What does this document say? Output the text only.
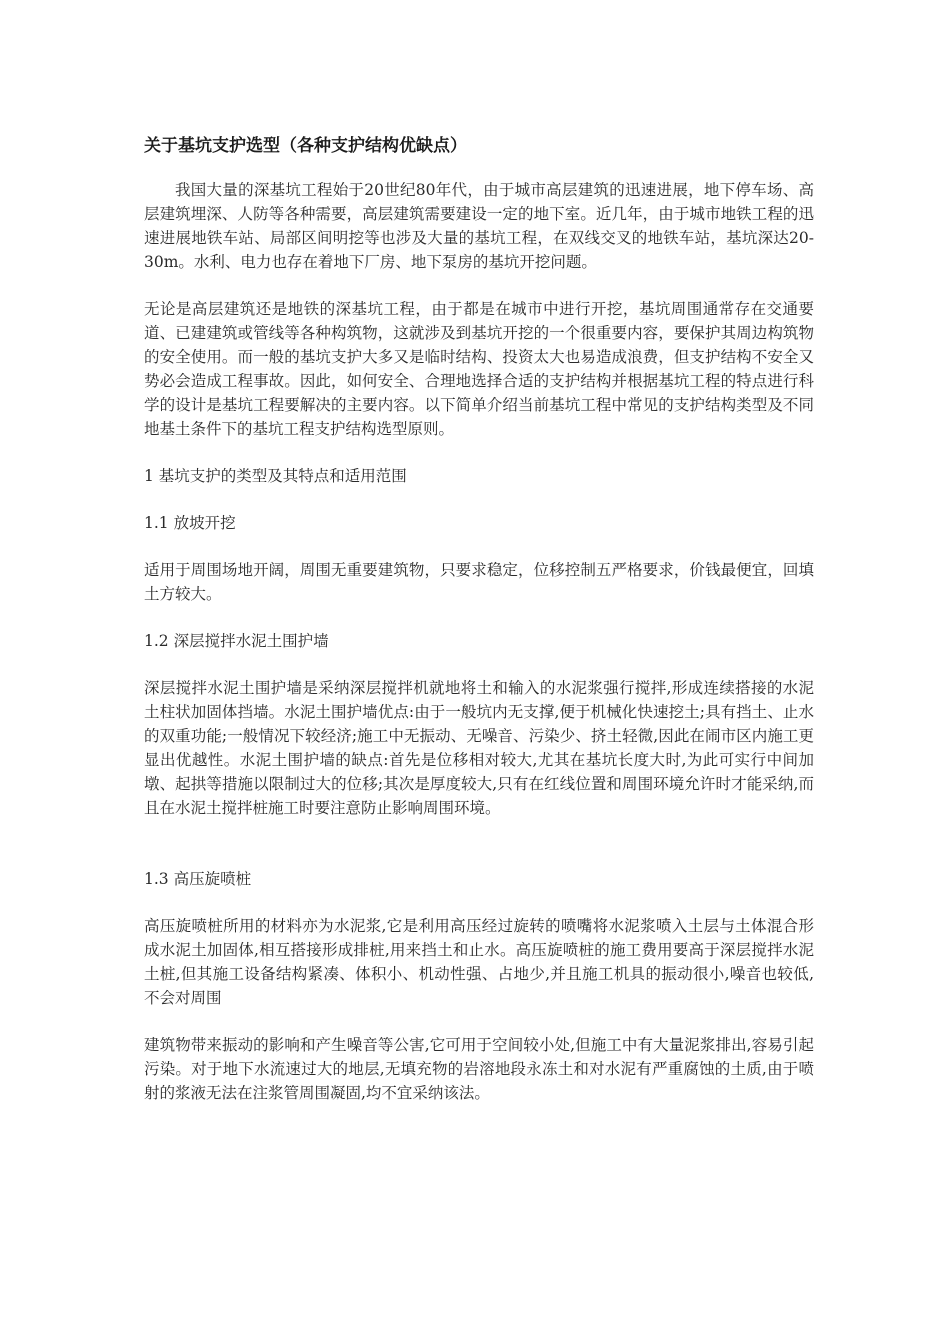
关于基坑支护选型（各种支护结构优缺点）

我国大量的深基坑工程始于20世纪80年代，由于城市高层建筑的迅速进展，地下停车场、高层建筑埋深、人防等各种需要，高层建筑需要建设一定的地下室。近几年，由于城市地铁工程的迅速进展地铁车站、局部区间明挖等也涉及大量的基坑工程，在双线交叉的地铁车站，基坑深达20-30m。水利、电力也存在着地下厂房、地下泵房的基坑开挖问题。

无论是高层建筑还是地铁的深基坑工程，由于都是在城市中进行开挖，基坑周围通常存在交通要道、已建建筑或管线等各种构筑物，这就涉及到基坑开挖的一个很重要内容，要保护其周边构筑物的安全使用。而一般的基坑支护大多又是临时结构、投资太大也易造成浪费，但支护结构不安全又势必会造成工程事故。因此，如何安全、合理地选择合适的支护结构并根据基坑工程的特点进行科学的设计是基坑工程要解决的主要内容。以下简单介绍当前基坑工程中常见的支护结构类型及不同地基土条件下的基坑工程支护结构选型原则。

1 基坑支护的类型及其特点和适用范围
1.1 放坡开挖

适用于周围场地开阔，周围无重要建筑物，只要求稳定，位移控制五严格要求，价钱最便宜，回填土方较大。

1.2 深层搅拌水泥土围护墙

深层搅拌水泥土围护墙是采纳深层搅拌机就地将土和输入的水泥浆强行搅拌,形成连续搭接的水泥土柱状加固体挡墙。水泥土围护墙优点:由于一般坑内无支撑,便于机械化快速挖土;具有挡土、止水的双重功能;一般情况下较经济;施工中无振动、无噪音、污染少、挤土轻微,因此在闹市区内施工更显出优越性。水泥土围护墙的缺点:首先是位移相对较大,尤其在基坑长度大时,为此可实行中间加墩、起拱等措施以限制过大的位移;其次是厚度较大,只有在红线位置和周围环境允许时才能采纳,而且在水泥土搅拌桩施工时要注意防止影响周围环境。

1.3 高压旋喷桩

高压旋喷桩所用的材料亦为水泥浆,它是利用高压经过旋转的喷嘴将水泥浆喷入土层与土体混合形成水泥土加固体,相互搭接形成排桩,用来挡土和止水。高压旋喷桩的施工费用要高于深层搅拌水泥土桩,但其施工设备结构紧凑、体积小、机动性强、占地少,并且施工机具的振动很小,噪音也较低,不会对周围

建筑物带来振动的影响和产生噪音等公害,它可用于空间较小处,但施工中有大量泥浆排出,容易引起污染。对于地下水流速过大的地层,无填充物的岩溶地段永冻土和对水泥有严重腐蚀的土质,由于喷射的浆液无法在注浆管周围凝固,均不宜采纳该法。
